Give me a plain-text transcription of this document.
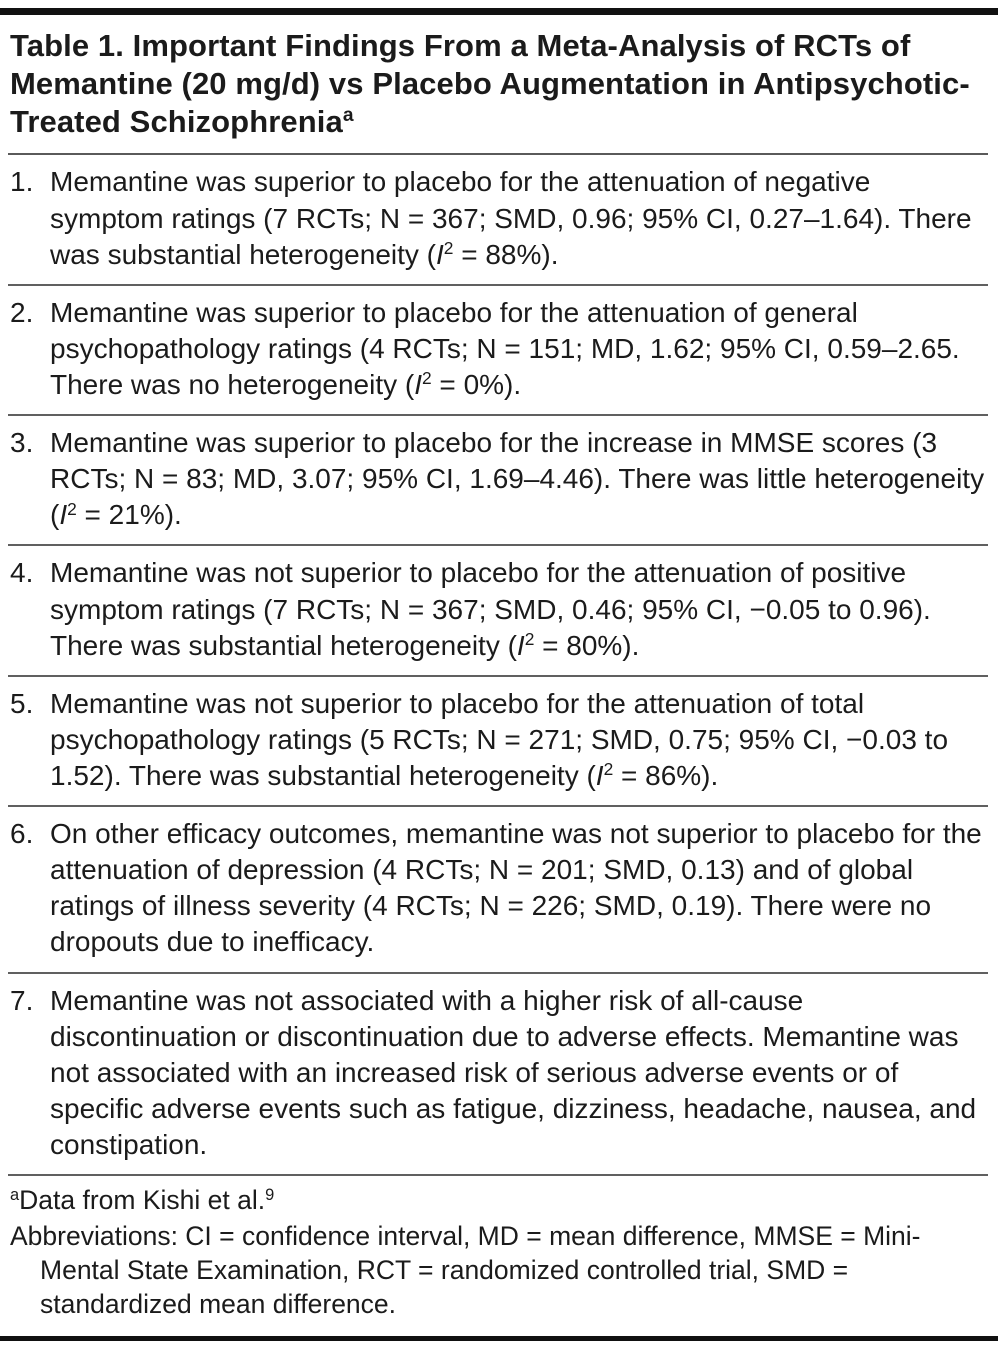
Table 1. Important Findings From a Meta-Analysis of RCTs of Memantine (20 mg/d) vs Placebo Augmentation in Antipsychotic-Treated Schizophrenia$^a$
1. Memantine was superior to placebo for the attenuation of negative symptom ratings (7 RCTs; N = 367; SMD, 0.96; 95% CI, 0.27–1.64). There was substantial heterogeneity $(I^2 = 88\%)$.
2. Memantine was superior to placebo for the attenuation of general psychopathology ratings (4 RCTs; N = 151; MD, 1.62; 95% CI, 0.59–2.65. There was no heterogeneity $(I^2 = 0\%)$.
3. Memantine was superior to placebo for the increase in MMSE scores (3 RCTs; N = 83; MD, 3.07; 95% CI, 1.69–4.46). There was little heterogeneity $(I^2 = 21\%)$.
4. Memantine was not superior to placebo for the attenuation of positive symptom ratings (7 RCTs; N = 367; SMD, 0.46; 95% CI, −0.05 to 0.96). There was substantial heterogeneity $(I^2 = 80\%)$.
5. Memantine was not superior to placebo for the attenuation of total psychopathology ratings (5 RCTs; N = 271; SMD, 0.75; 95% CI, −0.03 to 1.52). There was substantial heterogeneity $(I^2 = 86\%)$.
6. On other efficacy outcomes, memantine was not superior to placebo for the attenuation of depression (4 RCTs; N = 201; SMD, 0.13) and of global ratings of illness severity (4 RCTs; N = 226; SMD, 0.19). There were no dropouts due to inefficacy.
7. Memantine was not associated with a higher risk of all-cause discontinuation or discontinuation due to adverse effects. Memantine was not associated with an increased risk of serious adverse events or of specific adverse events such as fatigue, dizziness, headache, nausea, and constipation.
$^a$Data from Kishi et al.$^9$
Abbreviations: CI = confidence interval, MD = mean difference, MMSE = Mini-Mental State Examination, RCT = randomized controlled trial, SMD = standardized mean difference.
